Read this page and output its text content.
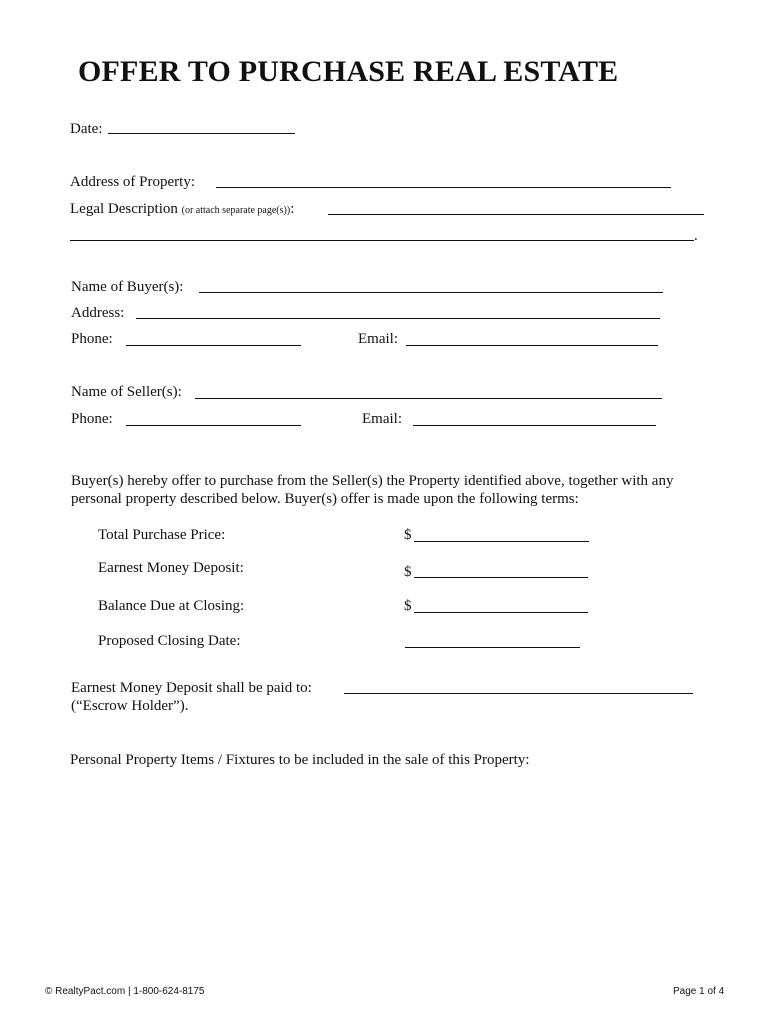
OFFER TO PURCHASE REAL ESTATE
Date:
Address of Property:
Legal Description (or attach separate page(s)):
.
Name of Buyer(s):
Address:
Phone:	Email:
Name of Seller(s):
Phone:	Email:
Buyer(s) hereby offer to purchase from the Seller(s) the Property identified above, together with any personal property described below. Buyer(s) offer is made upon the following terms:
Total Purchase Price:	$
Earnest Money Deposit:	$
Balance Due at Closing:	$
Proposed Closing Date:
Earnest Money Deposit shall be paid to:
(“Escrow Holder”).
Personal Property Items / Fixtures to be included in the sale of this Property:
© RealtyPact.com | 1-800-624-8175	Page 1 of 4
